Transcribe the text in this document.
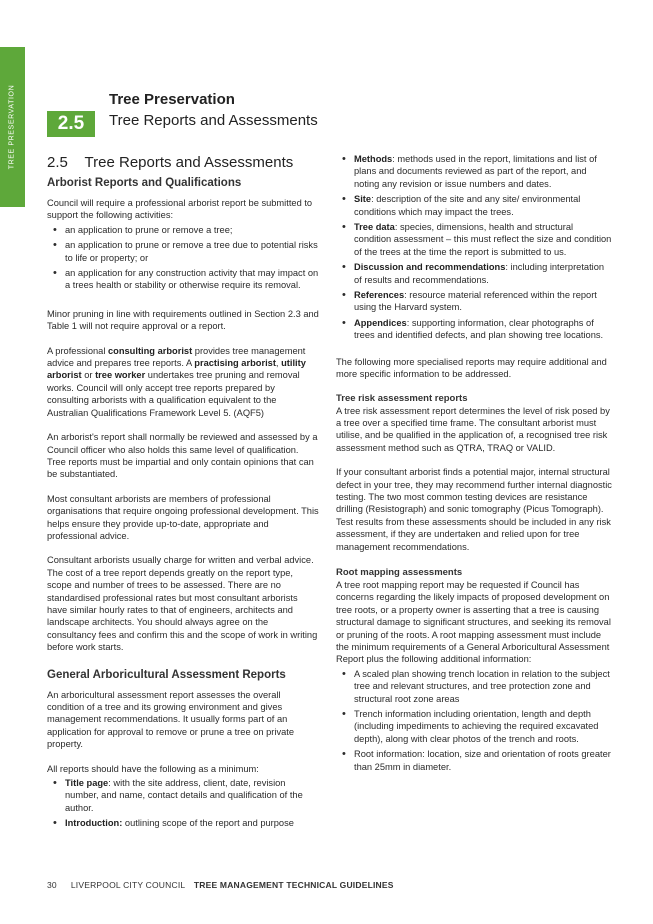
TREE PRESERVATION	2.5
Tree Preservation
Tree Reports and Assessments
2.5 Tree Reports and Assessments
Arborist Reports and Qualifications

Council will require a professional arborist report be submitted to support the following activities:

• an application to prune or remove a tree;
• an application to prune or remove a tree due to potential risks to life or property; or
• an application for any construction activity that may impact on a trees health or stability or otherwise require its removal.

Minor pruning in line with requirements outlined in Section 2.3 and Table 1 will not require approval or a report.

A professional consulting arborist provides tree management advice and prepares tree reports. A practising arborist, utility arborist or tree worker undertakes tree pruning and removal works. Council will only accept tree reports prepared by consulting arborists with a qualification equivalent to the Australian Qualifications Framework Level 5. (AQF5)

An arborist's report shall normally be reviewed and assessed by a Council officer who also holds this same level of qualification. Tree reports must be impartial and only contain opinions that can be substantiated.

Most consultant arborists are members of professional organisations that require ongoing professional development. This helps ensure they provide up-to-date, appropriate and professional advice.

Consultant arborists usually charge for written and verbal advice. The cost of a tree report depends greatly on the report type, scope and number of trees to be assessed. There are no standardised professional rates but most consultant arborists have similar hourly rates to that of engineers, architects and landscape architects. You should always agree on the consultancy fees and confirm this and the scope of work in writing before work starts.

General Arboricultural Assessment Reports

An arboricultural assessment report assesses the overall condition of a tree and its growing environment and gives management recommendations. It usually forms part of an application for approval to remove or prune a tree on private property.

All reports should have the following as a minimum:

• Title page: with the site address, client, date, revision number, and name, contact details and qualification of the author.
• Introduction: outlining scope of the report and purpose
• Methods: methods used in the report, limitations and list of plans and documents reviewed as part of the report, and noting any revision or issue numbers and dates.
• Site: description of the site and any site/ environmental conditions which may impact the trees.
• Tree data: species, dimensions, health and structural condition assessment – this must reflect the size and condition of the trees at the time the report is submitted to us.
• Discussion and recommendations: including interpretation of results and recommendations.
• References: resource material referenced within the report using the Harvard system.
• Appendices: supporting information, clear photographs of trees and identified defects, and plan showing tree locations.

The following more specialised reports may require additional and more specific information to be addressed.

Tree risk assessment reports

A tree risk assessment report determines the level of risk posed by a tree over a specified time frame. The consultant arborist must utilise, and be qualified in the application of, a recognised tree risk assessment method such as QTRA, TRAQ or VALID.

If your consultant arborist finds a potential major, internal structural defect in your tree, they may recommend further internal diagnostic testing. The two most common testing devices are resistance drilling (Resistograph) and sonic tomography (Picus Tomograph). Test results from these assessments should be included in any risk assessment, if they are undertaken and relied upon for tree management recommendations.

Root mapping assessments

A tree root mapping report may be requested if Council has concerns regarding the likely impacts of proposed development on tree roots, or a property owner is asserting that a tree is causing structural damage to significant structures, and seeking its removal or pruning of the roots. A root mapping assessment must include the minimum requirements of a General Arboricultural Assessment Report plus the following additional information:

• A scaled plan showing trench location in relation to the subject tree and relevant structures, and tree protection zone and structural root zone areas
• Trench information including orientation, length and depth (including impediments to achieving the required excavated depth), along with clear photos of the trench and roots.
• Root information: location, size and orientation of roots greater than 25mm in diameter.
30 LIVERPOOL CITY COUNCIL TREE MANAGEMENT TECHNICAL GUIDELINES
